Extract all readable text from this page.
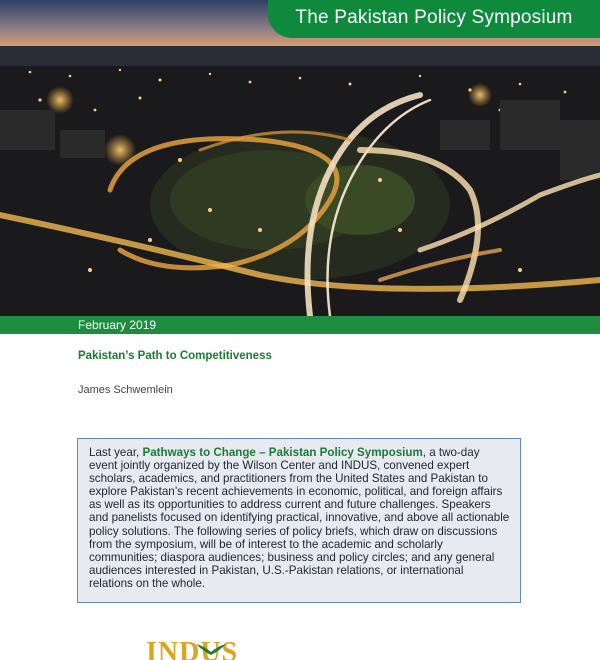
The Pakistan Policy Symposium
February 2019
Pakistan’s Path to Competitiveness
James Schwemlein
Last year, Pathways to Change – Pakistan Policy Symposium, a two-day event jointly organized by the Wilson Center and INDUS, convened expert scholars, academics, and practitioners from the United States and Pakistan to explore Pakistan’s recent achievements in economic, political, and foreign affairs as well as its opportunities to address current and future challenges. Speakers and panelists focused on identifying practical, innovative, and above all actionable policy solutions. The following series of policy briefs, which draw on discussions from the symposium, will be of interest to the academic and scholarly communities; diaspora audiences; business and policy circles; and any general audiences interested in Pakistan, U.S.-Pakistan relations, or international relations on the whole.
INDUS
